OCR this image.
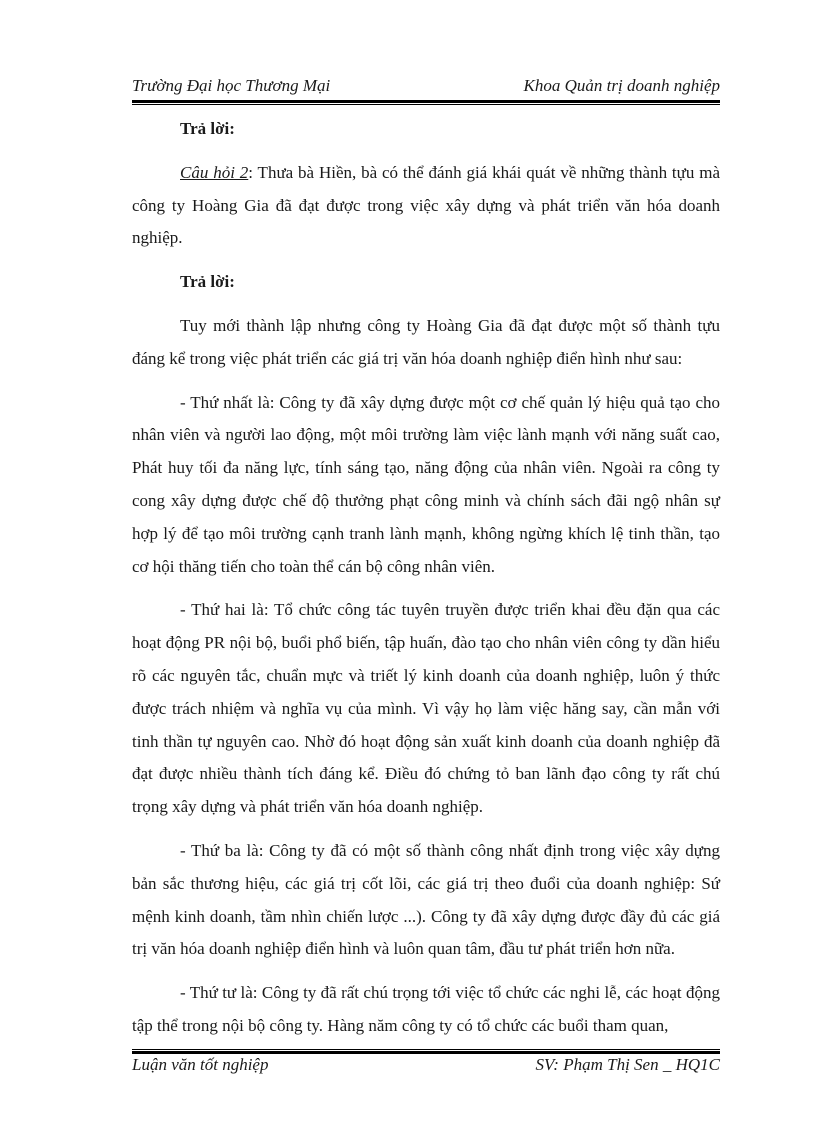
Trường Đại học Thương Mại	Khoa Quản trị doanh nghiệp

Trả lời:

Câu hỏi 2: Thưa bà Hiền, bà có thể đánh giá khái quát về những thành tựu mà công ty Hoàng Gia đã đạt được trong việc xây dựng và phát triển văn hóa doanh nghiệp.

Trả lời:

Tuy mới thành lập nhưng công ty Hoàng Gia đã đạt được một số thành tựu đáng kể trong việc phát triển các giá trị văn hóa doanh nghiệp điển hình như sau:

- Thứ nhất là: Công ty đã xây dựng được một cơ chế quản lý hiệu quả tạo cho nhân viên và người lao động, một môi trường làm việc lành mạnh với năng suất cao, Phát huy tối đa năng lực, tính sáng tạo, năng động của nhân viên. Ngoài ra công ty cong xây dựng được chế độ thưởng phạt công minh và chính sách đãi ngộ nhân sự hợp lý để tạo môi trường cạnh tranh lành mạnh, không ngừng khích lệ tinh thần, tạo cơ hội thăng tiến cho toàn thể cán bộ công nhân viên.

- Thứ hai là: Tổ chức công tác tuyên truyền được triển khai đều đặn qua các hoạt động PR nội bộ, buổi phổ biến, tập huấn, đào tạo cho nhân viên công ty dần hiểu rõ các nguyên tắc, chuẩn mực và triết lý kinh doanh của doanh nghiệp, luôn ý thức được trách nhiệm và nghĩa vụ của mình. Vì vậy họ làm việc hăng say, cần mẫn với tinh thần tự nguyên cao. Nhờ đó hoạt động sản xuất kinh doanh của doanh nghiệp đã đạt được nhiều thành tích đáng kể. Điều đó chứng tỏ ban lãnh đạo công ty rất chú trọng xây dựng và phát triển văn hóa doanh nghiệp.

- Thứ ba là: Công ty đã có một số thành công nhất định trong việc xây dựng bản sắc thương hiệu, các giá trị cốt lõi, các giá trị theo đuổi của doanh nghiệp: Sứ mệnh kinh doanh, tầm nhìn chiến lược ...). Công ty đã xây dựng được đầy đủ các giá trị văn hóa doanh nghiệp điển hình và luôn quan tâm, đầu tư phát triển hơn nữa.

- Thứ tư là: Công ty đã rất chú trọng tới việc tổ chức các nghi lễ, các hoạt động tập thể trong nội bộ công ty. Hàng năm công ty có tổ chức các buổi tham quan,

Luận văn tốt nghiệp	SV: Phạm Thị Sen _ HQ1C
